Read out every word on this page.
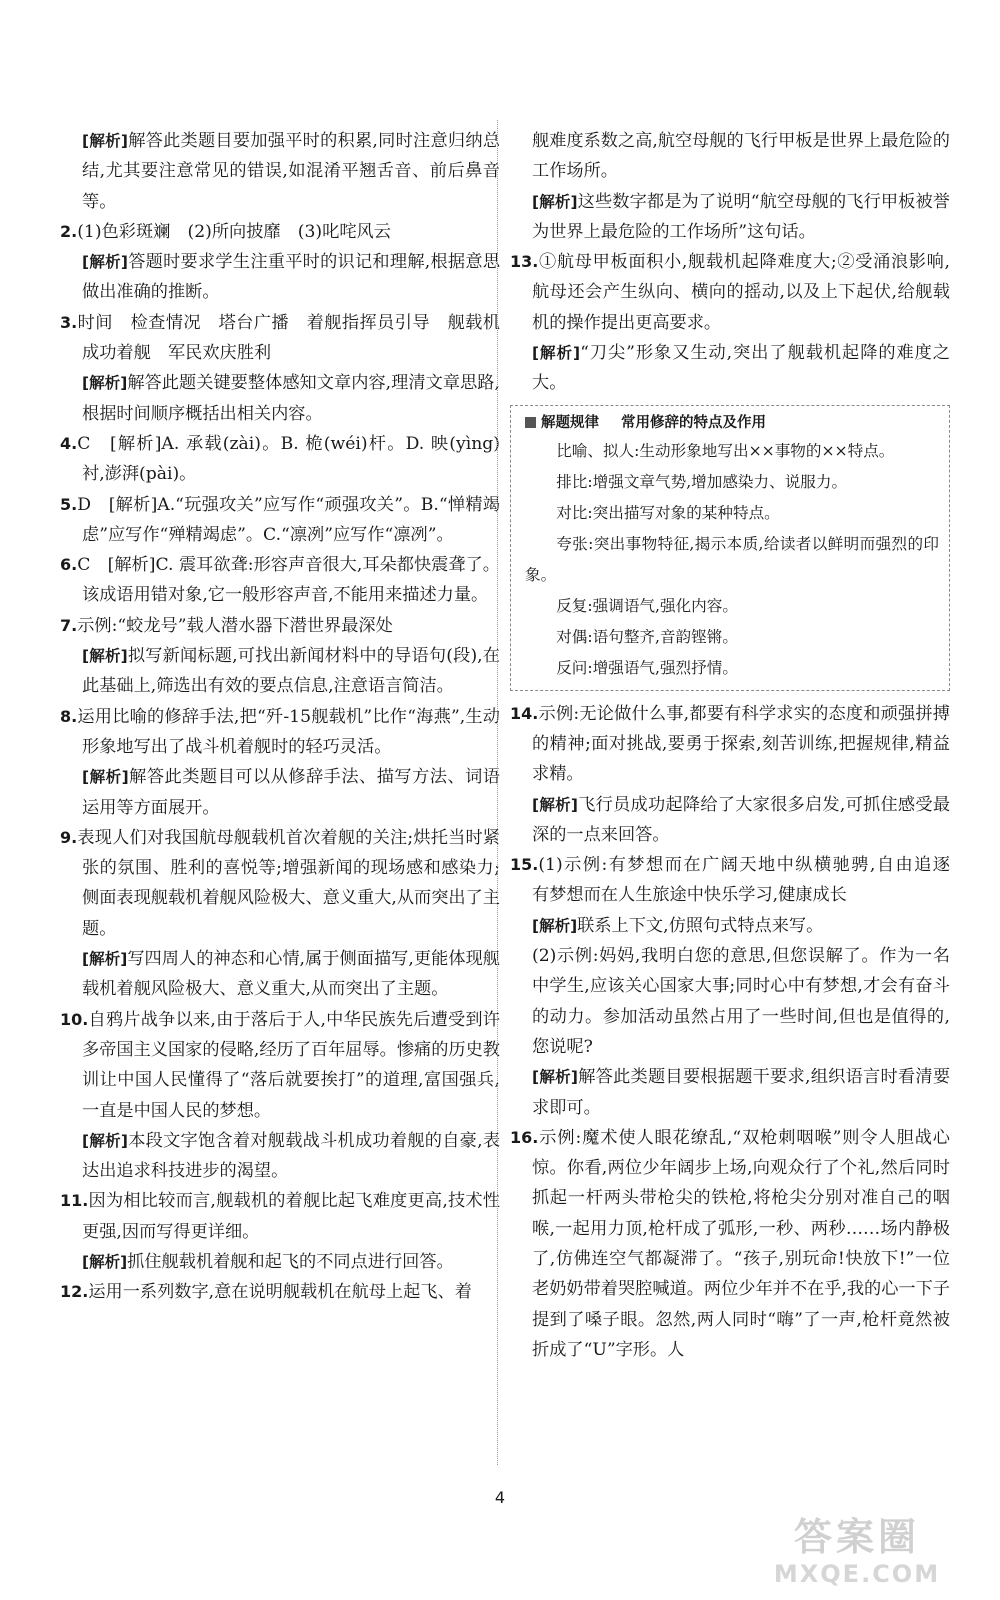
[解析]解答此类题目要加强平时的积累,同时注意归纳总结,尤其要注意常见的错误,如混淆平翘舌音、前后鼻音等。

2.(1)色彩斑斓　(2)所向披靡　(3)叱咤风云

[解析]答题时要求学生注重平时的识记和理解,根据意思做出准确的推断。

3.时间　检查情况　塔台广播　着舰指挥员引导　舰载机成功着舰　军民欢庆胜利

[解析]解答此题关键要整体感知文章内容,理清文章思路,根据时间顺序概括出相关内容。

4.C　[解析]A. 承载(zài)。B. 桅(wéi)杆。D. 映(yìng)衬,澎湃(pài)。

5.D　[解析]A.“玩强攻关”应写作“顽强攻关”。B.“惮精竭虑”应写作“殚精竭虑”。C.“凛冽”应写作“凛冽”。

6.C　[解析]C. 震耳欲聋:形容声音很大,耳朵都快震聋了。该成语用错对象,它一般形容声音,不能用来描述力量。

7.示例:“蛟龙号”载人潜水器下潜世界最深处

[解析]拟写新闻标题,可找出新闻材料中的导语句(段),在此基础上,筛选出有效的要点信息,注意语言简洁。

8.运用比喻的修辞手法,把“歼-15舰载机”比作“海燕”,生动形象地写出了战斗机着舰时的轻巧灵活。

[解析]解答此类题目可以从修辞手法、描写方法、词语运用等方面展开。

9.表现人们对我国航母舰载机首次着舰的关注;烘托当时紧张的氛围、胜利的喜悦等;增强新闻的现场感和感染力;侧面表现舰载机着舰风险极大、意义重大,从而突出了主题。

[解析]写四周人的神态和心情,属于侧面描写,更能体现舰载机着舰风险极大、意义重大,从而突出了主题。

10.自鸦片战争以来,由于落后于人,中华民族先后遭受到许多帝国主义国家的侵略,经历了百年屈辱。惨痛的历史教训让中国人民懂得了“落后就要挨打”的道理,富国强兵,一直是中国人民的梦想。

[解析]本段文字饱含着对舰载战斗机成功着舰的自豪,表达出追求科技进步的渴望。

11.因为相比较而言,舰载机的着舰比起飞难度更高,技术性更强,因而写得更详细。

[解析]抓住舰载机着舰和起飞的不同点进行回答。

12.运用一系列数字,意在说明舰载机在航母上起飞、着

舰难度系数之高,航空母舰的飞行甲板是世界上最危险的工作场所。

[解析]这些数字都是为了说明“航空母舰的飞行甲板被誉为世界上最危险的工作场所”这句话。

13.①航母甲板面积小,舰载机起降难度大;②受涌浪影响,航母还会产生纵向、横向的摇动,以及上下起伏,给舰载机的操作提出更高要求。

[解析]“刀尖”形象又生动,突出了舰载机起降的难度之大。

解题规律 常用修辞的特点及作用

比喻、拟人:生动形象地写出××事物的××特点。

排比:增强文章气势,增加感染力、说服力。

对比:突出描写对象的某种特点。

夸张:突出事物特征,揭示本质,给读者以鲜明而强烈的印象。

反复:强调语气,强化内容。

对偶:语句整齐,音韵铿锵。

反问:增强语气,强烈抒情。

14.示例:无论做什么事,都要有科学求实的态度和顽强拼搏的精神;面对挑战,要勇于探索,刻苦训练,把握规律,精益求精。

[解析]飞行员成功起降给了大家很多启发,可抓住感受最深的一点来回答。

15.(1)示例:有梦想而在广阔天地中纵横驰骋,自由追逐　有梦想而在人生旅途中快乐学习,健康成长

[解析]联系上下文,仿照句式特点来写。

(2)示例:妈妈,我明白您的意思,但您误解了。作为一名中学生,应该关心国家大事;同时心中有梦想,才会有奋斗的动力。参加活动虽然占用了一些时间,但也是值得的,您说呢?

[解析]解答此类题目要根据题干要求,组织语言时看清要求即可。

16.示例:魔术使人眼花缭乱,“双枪刺咽喉”则令人胆战心惊。你看,两位少年阔步上场,向观众行了个礼,然后同时抓起一杆两头带枪尖的铁枪,将枪尖分别对准自己的咽喉,一起用力顶,枪杆成了弧形,一秒、两秒……场内静极了,仿佛连空气都凝滞了。“孩子,别玩命!快放下!”一位老奶奶带着哭腔喊道。两位少年并不在乎,我的心一下子提到了嗓子眼。忽然,两人同时“嗨”了一声,枪杆竟然被折成了“U”字形。人

4
答案圈
MXQE.COM
